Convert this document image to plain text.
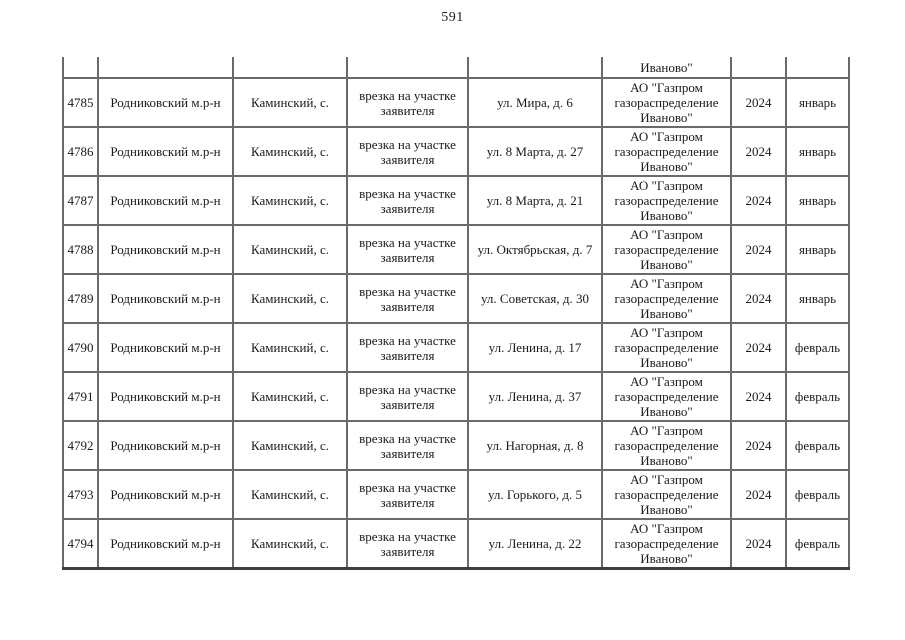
591
					Иваново"		
4785	Родниковский м.р-н	Каминский, с.	врезка на участке заявителя	ул. Мира, д. 6	АО "Газпром газораспределение Иваново"	2024	январь
4786	Родниковский м.р-н	Каминский, с.	врезка на участке заявителя	ул. 8 Марта, д. 27	АО "Газпром газораспределение Иваново"	2024	январь
4787	Родниковский м.р-н	Каминский, с.	врезка на участке заявителя	ул. 8 Марта, д. 21	АО "Газпром газораспределение Иваново"	2024	январь
4788	Родниковский м.р-н	Каминский, с.	врезка на участке заявителя	ул. Октябрьская, д. 7	АО "Газпром газораспределение Иваново"	2024	январь
4789	Родниковский м.р-н	Каминский, с.	врезка на участке заявителя	ул. Советская, д. 30	АО "Газпром газораспределение Иваново"	2024	январь
4790	Родниковский м.р-н	Каминский, с.	врезка на участке заявителя	ул. Ленина, д. 17	АО "Газпром газораспределение Иваново"	2024	февраль
4791	Родниковский м.р-н	Каминский, с.	врезка на участке заявителя	ул. Ленина, д. 37	АО "Газпром газораспределение Иваново"	2024	февраль
4792	Родниковский м.р-н	Каминский, с.	врезка на участке заявителя	ул. Нагорная, д. 8	АО "Газпром газораспределение Иваново"	2024	февраль
4793	Родниковский м.р-н	Каминский, с.	врезка на участке заявителя	ул. Горького, д. 5	АО "Газпром газораспределение Иваново"	2024	февраль
4794	Родниковский м.р-н	Каминский, с.	врезка на участке заявителя	ул. Ленина, д. 22	АО "Газпром газораспределение Иваново"	2024	февраль
